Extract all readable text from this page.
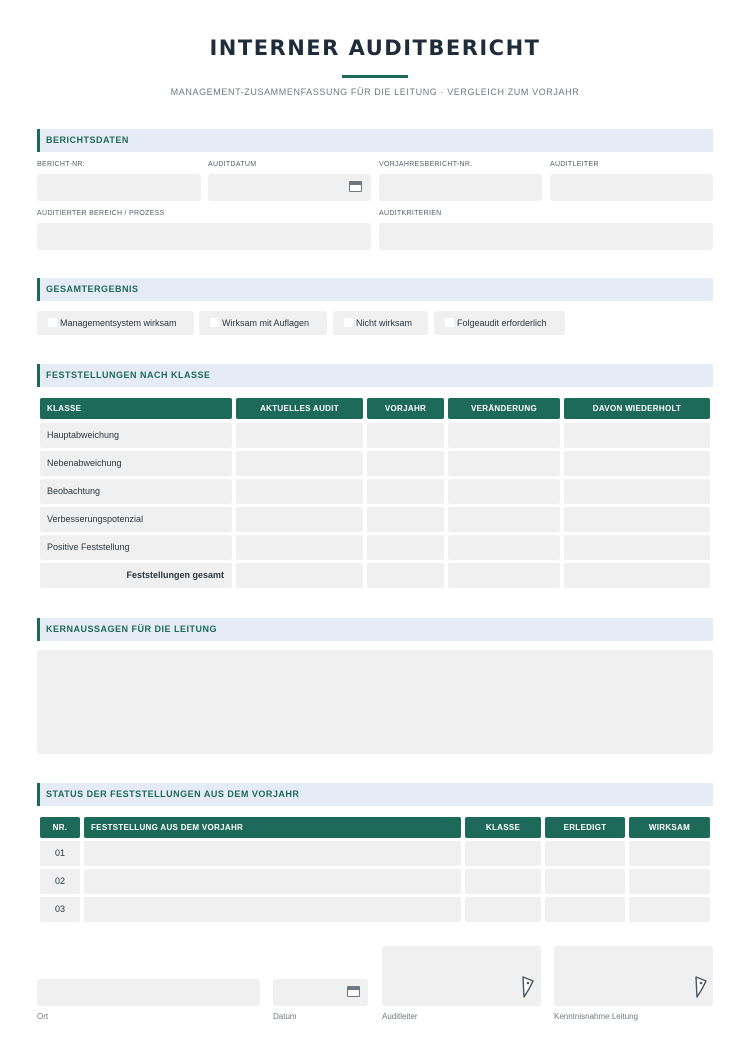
INTERNER AUDITBERICHT
MANAGEMENT-ZUSAMMENFASSUNG FÜR DIE LEITUNG · VERGLEICH ZUM VORJAHR
BERICHTSDATEN
BERICHT-NR.	AUDITDATUM	VORJAHRESBERICHT-NR.	AUDITLEITER
AUDITIERTER BEREICH / PROZESS	AUDITKRITERIEN
GESAMTERGEBNIS
Managementsystem wirksam	Wirksam mit Auflagen	Nicht wirksam	Folgeaudit erforderlich
FESTSTELLUNGEN NACH KLASSE
KLASSE	AKTUELLES AUDIT	VORJAHR	VERÄNDERUNG	DAVON WIEDERHOLT
Hauptabweichung
Nebenabweichung
Beobachtung
Verbesserungspotenzial
Positive Feststellung
Feststellungen gesamt
KERNAUSSAGEN FÜR DIE LEITUNG
STATUS DER FESTSTELLUNGEN AUS DEM VORJAHR
NR.	FESTSTELLUNG AUS DEM VORJAHR	KLASSE	ERLEDIGT	WIRKSAM
01
02
03
Ort	Datum	Auditleiter	Kenntnisnahme Leitung
